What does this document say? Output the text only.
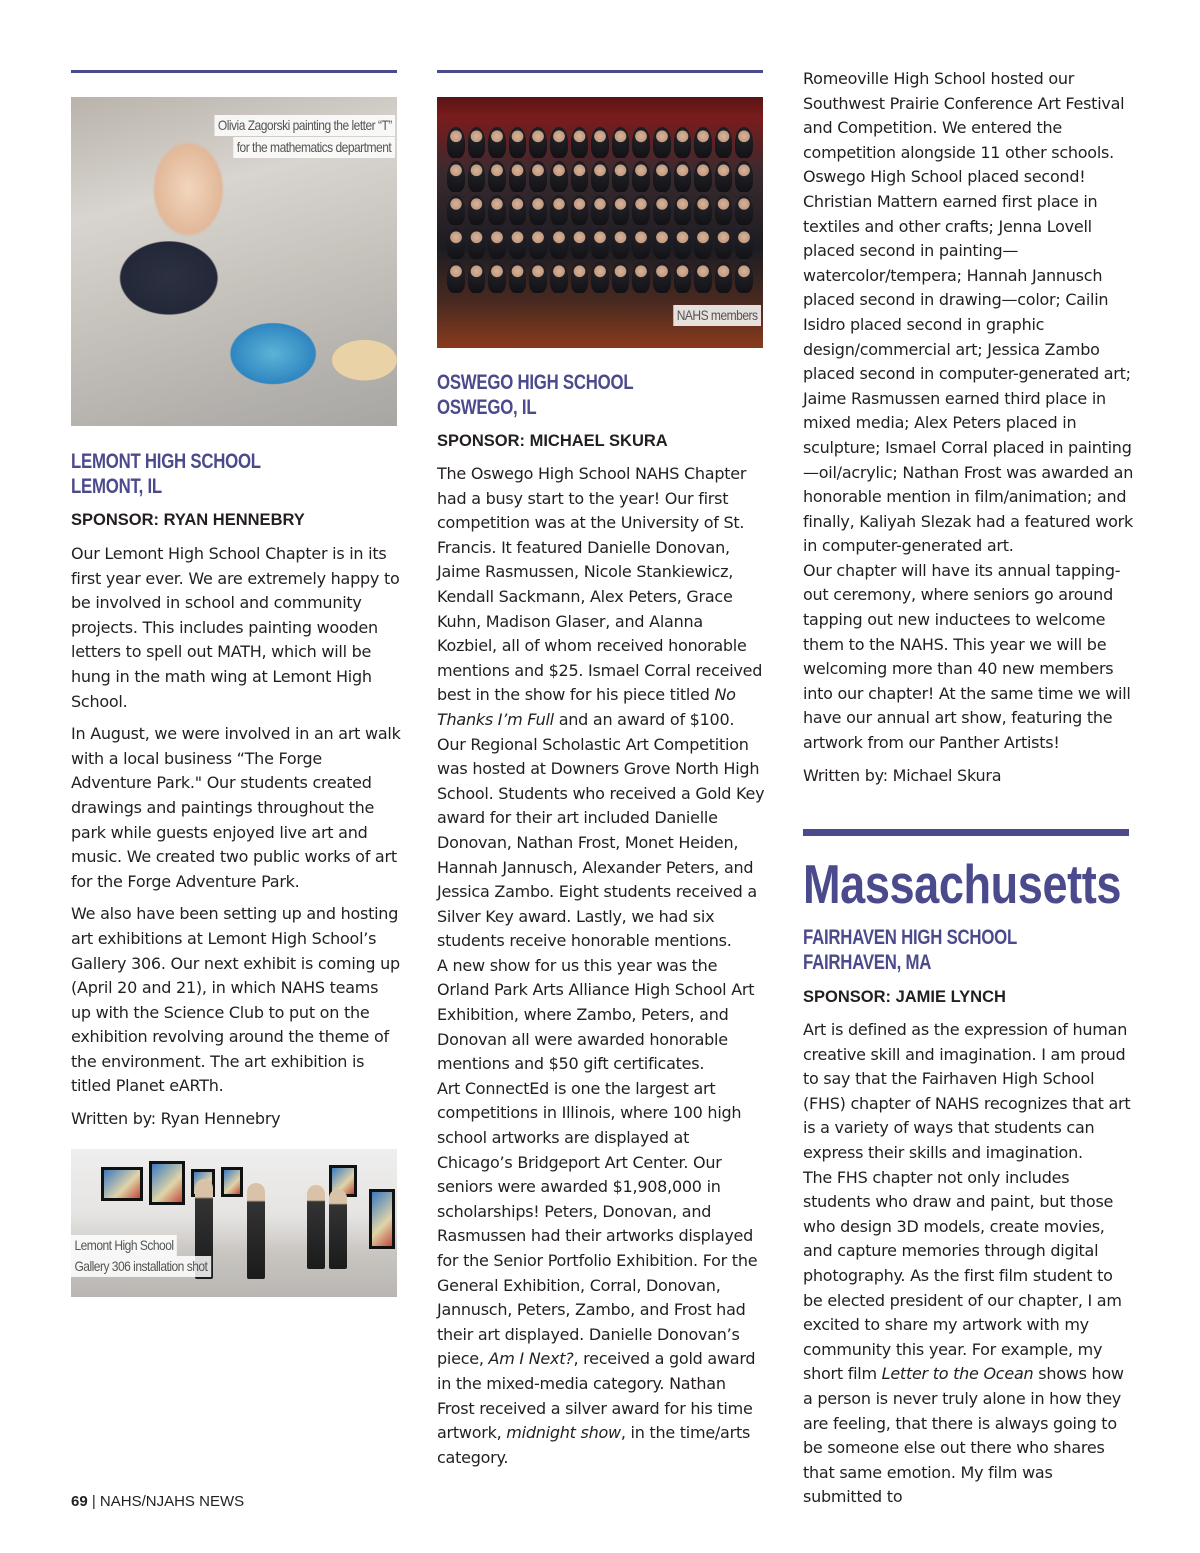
Olivia Zagorski painting the letter “T”
for the mathematics department
LEMONT HIGH SCHOOL
LEMONT, IL
SPONSOR: RYAN HENNEBRY

Our Lemont High School Chapter is in its first year ever. We are extremely happy to be involved in school and community projects. This includes painting wooden letters to spell out MATH, which will be hung in the math wing at Lemont High School.

In August, we were involved in an art walk with a local business “The Forge Adventure Park." Our students created drawings and paintings throughout the park while guests enjoyed live art and music. We created two public works of art for the Forge Adventure Park.

We also have been setting up and hosting art exhibitions at Lemont High School’s Gallery 306. Our next exhibit is coming up (April 20 and 21), in which NAHS teams up with the Science Club to put on the exhibition revolving around the theme of the environment. The art exhibition is titled Planet eARTh.

Written by: Ryan Hennebry

Lemont High School
Gallery 306 installation shot
NAHS members
OSWEGO HIGH SCHOOL
OSWEGO, IL
SPONSOR: MICHAEL SKURA

The Oswego High School NAHS Chapter had a busy start to the year! Our first competition was at the University of St. Francis. It featured Danielle Donovan, Jaime Rasmussen, Nicole Stankiewicz, Kendall Sackmann, Alex Peters, Grace Kuhn, Madison Glaser, and Alanna Kozbiel, all of whom received honorable mentions and $25. Ismael Corral received best in the show for his piece titled No Thanks I’m Full and an award of $100. Our Regional Scholastic Art Competition was hosted at Downers Grove North High School. Students who received a Gold Key award for their art included Danielle Donovan, Nathan Frost, Monet Heiden, Hannah Jannusch, Alexander Peters, and Jessica Zambo. Eight students received a Silver Key award. Lastly, we had six students receive honorable mentions.

A new show for us this year was the Orland Park Arts Alliance High School Art Exhibition, where Zambo, Peters, and Donovan all were awarded honorable mentions and $50 gift certificates.

Art ConnectEd is one the largest art competitions in Illinois, where 100 high school artworks are displayed at Chicago’s Bridgeport Art Center. Our seniors were awarded $1,908,000 in scholarships! Peters, Donovan, and Rasmussen had their artworks displayed for the Senior Portfolio Exhibition. For the General Exhibition, Corral, Donovan, Jannusch, Peters, Zambo, and Frost had their art displayed. Danielle Donovan’s piece, Am I Next?, received a gold award in the mixed-media category. Nathan Frost received a silver award for his time artwork, midnight show, in the time/arts category.

Romeoville High School hosted our Southwest Prairie Conference Art Festival and Competition. We entered the competition alongside 11 other schools. Oswego High School placed second! Christian Mattern earned first place in textiles and other crafts; Jenna Lovell placed second in painting—watercolor/tempera; Hannah Jannusch placed second in drawing—color; Cailin Isidro placed second in graphic design/commercial art; Jessica Zambo placed second in computer-generated art; Jaime Rasmussen earned third place in mixed media; Alex Peters placed in sculpture; Ismael Corral placed in painting—oil/acrylic; Nathan Frost was awarded an honorable mention in film/animation; and finally, Kaliyah Slezak had a featured work in computer-generated art.

Our chapter will have its annual tapping-out ceremony, where seniors go around tapping out new inductees to welcome them to the NAHS. This year we will be welcoming more than 40 new members into our chapter! At the same time we will have our annual art show, featuring the artwork from our Panther Artists!

Written by: Michael Skura

Massachusetts
FAIRHAVEN HIGH SCHOOL
FAIRHAVEN, MA
SPONSOR: JAMIE LYNCH

Art is defined as the expression of human creative skill and imagination. I am proud to say that the Fairhaven High School (FHS) chapter of NAHS recognizes that art is a variety of ways that students can express their skills and imagination.

The FHS chapter not only includes students who draw and paint, but those who design 3D models, create movies, and capture memories through digital photography. As the first film student to be elected president of our chapter, I am excited to share my artwork with my community this year. For example, my short film Letter to the Ocean shows how a person is never truly alone in how they are feeling, that there is always going to be someone else out there who shares that same emotion. My film was submitted to

69 | NAHS/NJAHS NEWS
